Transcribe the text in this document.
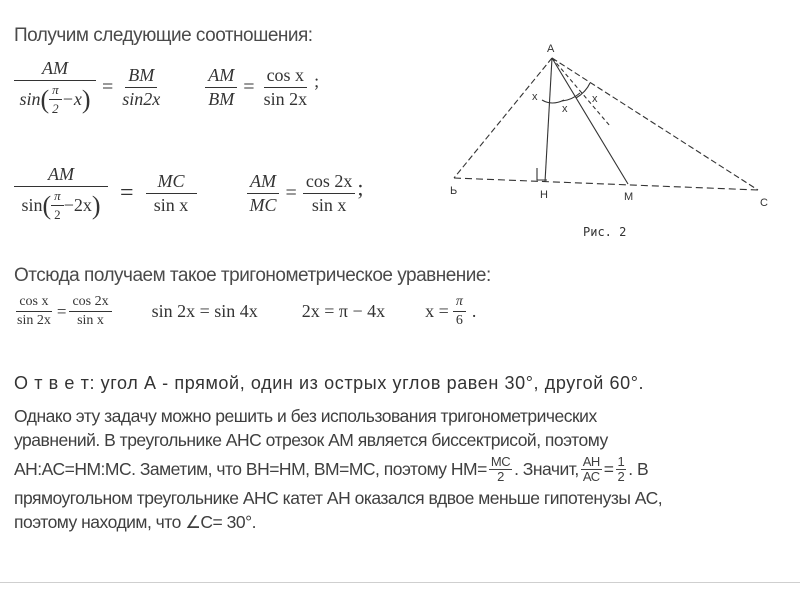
Получим следующие соотношения:
$\frac{AM}{\sin ( \frac{\pi}{2} -x )} = \frac{BM}{\sin 2x} \frac{AM}{BM} = \frac{\text{cos x}}{\sin 2x}$ ;
$\frac{AM}{\sin ( \frac{\pi}{2} -2x )} = \frac{MC}{\text{sin x}}$	$\frac{AM}{MC} = \frac{\cos 2x}{\text{sin x}}$ ;
Отсюда получаем такое тригонометрическое уравнение:
$\frac{\text{cos x}}{\sin 2x} = \frac{\cos 2x}{\text{sin x}}$ sin 2x = sin 4x 2x = π − 4x $x = \frac{\pi}{6}$ .
О т в е т: угол А - прямой, один из острых углов равен 30°, другой 60°.
Однако эту задачу можно решить и без использования тригонометрических
уравнений. В треугольнике АНС отрезок АМ является биссектрисой, поэтому
АН:АС=НМ:МС. Заметим, что ВН=НМ, ВМ=МС, поэтому $НМ= \frac{МС}{2}$ . Значит, $\frac{АН}{АС} = \frac{1}{2}$ . В
прямоугольном треугольнике АНС катет АН оказался вдвое меньше гипотенузы АС,
поэтому находим, что ∠С= 30°.
A
Ь	Н	М	С
x
x
x
Рис. 2
